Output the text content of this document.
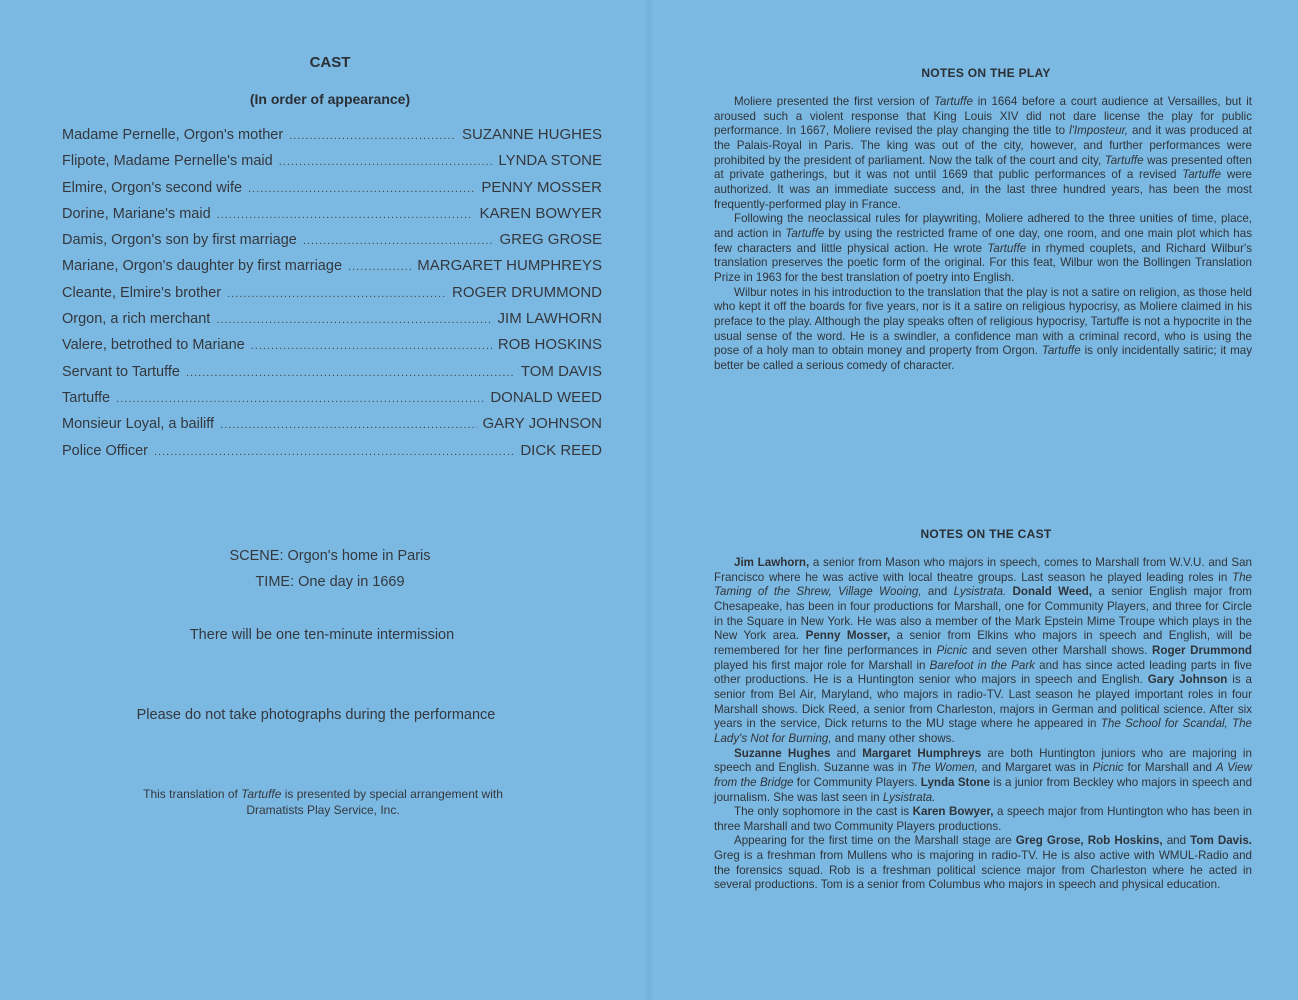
CAST
(In order of appearance)
Madame Pernelle, Orgon's mother .....	SUZANNE HUGHES
Flipote, Madame Pernelle's maid .....	LYNDA STONE
Elmire, Orgon's second wife .....	PENNY MOSSER
Dorine, Mariane's maid .....	KAREN BOWYER
Damis, Orgon's son by first marriage .....	GREG GROSE
Mariane, Orgon's daughter by first marriage .....	MARGARET HUMPHREYS
Cleante, Elmire's brother .....	ROGER DRUMMOND
Orgon, a rich merchant .....	JIM LAWHORN
Valere, betrothed to Mariane .....	ROB HOSKINS
Servant to Tartuffe .....	TOM DAVIS
Tartuffe .....	DONALD WEED
Monsieur Loyal, a bailiff .....	GARY JOHNSON
Police Officer .....	DICK REED
SCENE: Orgon's home in Paris
TIME: One day in 1669
There will be one ten-minute intermission
Please do not take photographs during the performance
This translation of Tartuffe is presented by special arrangement with
Dramatists Play Service, Inc.
NOTES ON THE PLAY

Moliere presented the first version of Tartuffe in 1664 before a court audience at Versailles, but it aroused such a violent response that King Louis XIV did not dare license the play for public performance. In 1667, Moliere revised the play changing the title to l'Imposteur, and it was produced at the Palais-Royal in Paris. The king was out of the city, however, and further performances were prohibited by the president of parliament. Now the talk of the court and city, Tartuffe was presented often at private gatherings, but it was not until 1669 that public performances of a revised Tartuffe were authorized. It was an immediate success and, in the last three hundred years, has been the most frequently-performed play in France.

Following the neoclassical rules for playwriting, Moliere adhered to the three unities of time, place, and action in Tartuffe by using the restricted frame of one day, one room, and one main plot which has few characters and little physical action. He wrote Tartuffe in rhymed couplets, and Richard Wilbur's translation preserves the poetic form of the original. For this feat, Wilbur won the Bollingen Translation Prize in 1963 for the best translation of poetry into English.

Wilbur notes in his introduction to the translation that the play is not a satire on religion, as those held who kept it off the boards for five years, nor is it a satire on religious hypocrisy, as Moliere claimed in his preface to the play. Although the play speaks often of religious hypocrisy, Tartuffe is not a hypocrite in the usual sense of the word. He is a swindler, a confidence man with a criminal record, who is using the pose of a holy man to obtain money and property from Orgon. Tartuffe is only incidentally satiric; it may better be called a serious comedy of character.

NOTES ON THE CAST

Jim Lawhorn, a senior from Mason who majors in speech, comes to Marshall from W.V.U. and San Francisco where he was active with local theatre groups. Last season he played leading roles in The Taming of the Shrew, Village Wooing, and Lysistrata. Donald Weed, a senior English major from Chesapeake, has been in four productions for Marshall, one for Community Players, and three for Circle in the Square in New York. He was also a member of the Mark Epstein Mime Troupe which plays in the New York area. Penny Mosser, a senior from Elkins who majors in speech and English, will be remembered for her fine performances in Picnic and seven other Marshall shows. Roger Drummond played his first major role for Marshall in Barefoot in the Park and has since acted leading parts in five other productions. He is a Huntington senior who majors in speech and English. Gary Johnson is a senior from Bel Air, Maryland, who majors in radio-TV. Last season he played important roles in four Marshall shows. Dick Reed, a senior from Charleston, majors in German and political science. After six years in the service, Dick returns to the MU stage where he appeared in The School for Scandal, The Lady's Not for Burning, and many other shows.

Suzanne Hughes and Margaret Humphreys are both Huntington juniors who are majoring in speech and English. Suzanne was in The Women, and Margaret was in Picnic for Marshall and A View from the Bridge for Community Players. Lynda Stone is a junior from Beckley who majors in speech and journalism. She was last seen in Lysistrata.

The only sophomore in the cast is Karen Bowyer, a speech major from Huntington who has been in three Marshall and two Community Players productions.

Appearing for the first time on the Marshall stage are Greg Grose, Rob Hoskins, and Tom Davis. Greg is a freshman from Mullens who is majoring in radio-TV. He is also active with WMUL-Radio and the forensics squad. Rob is a freshman political science major from Charleston where he acted in several productions. Tom is a senior from Columbus who majors in speech and physical education.
